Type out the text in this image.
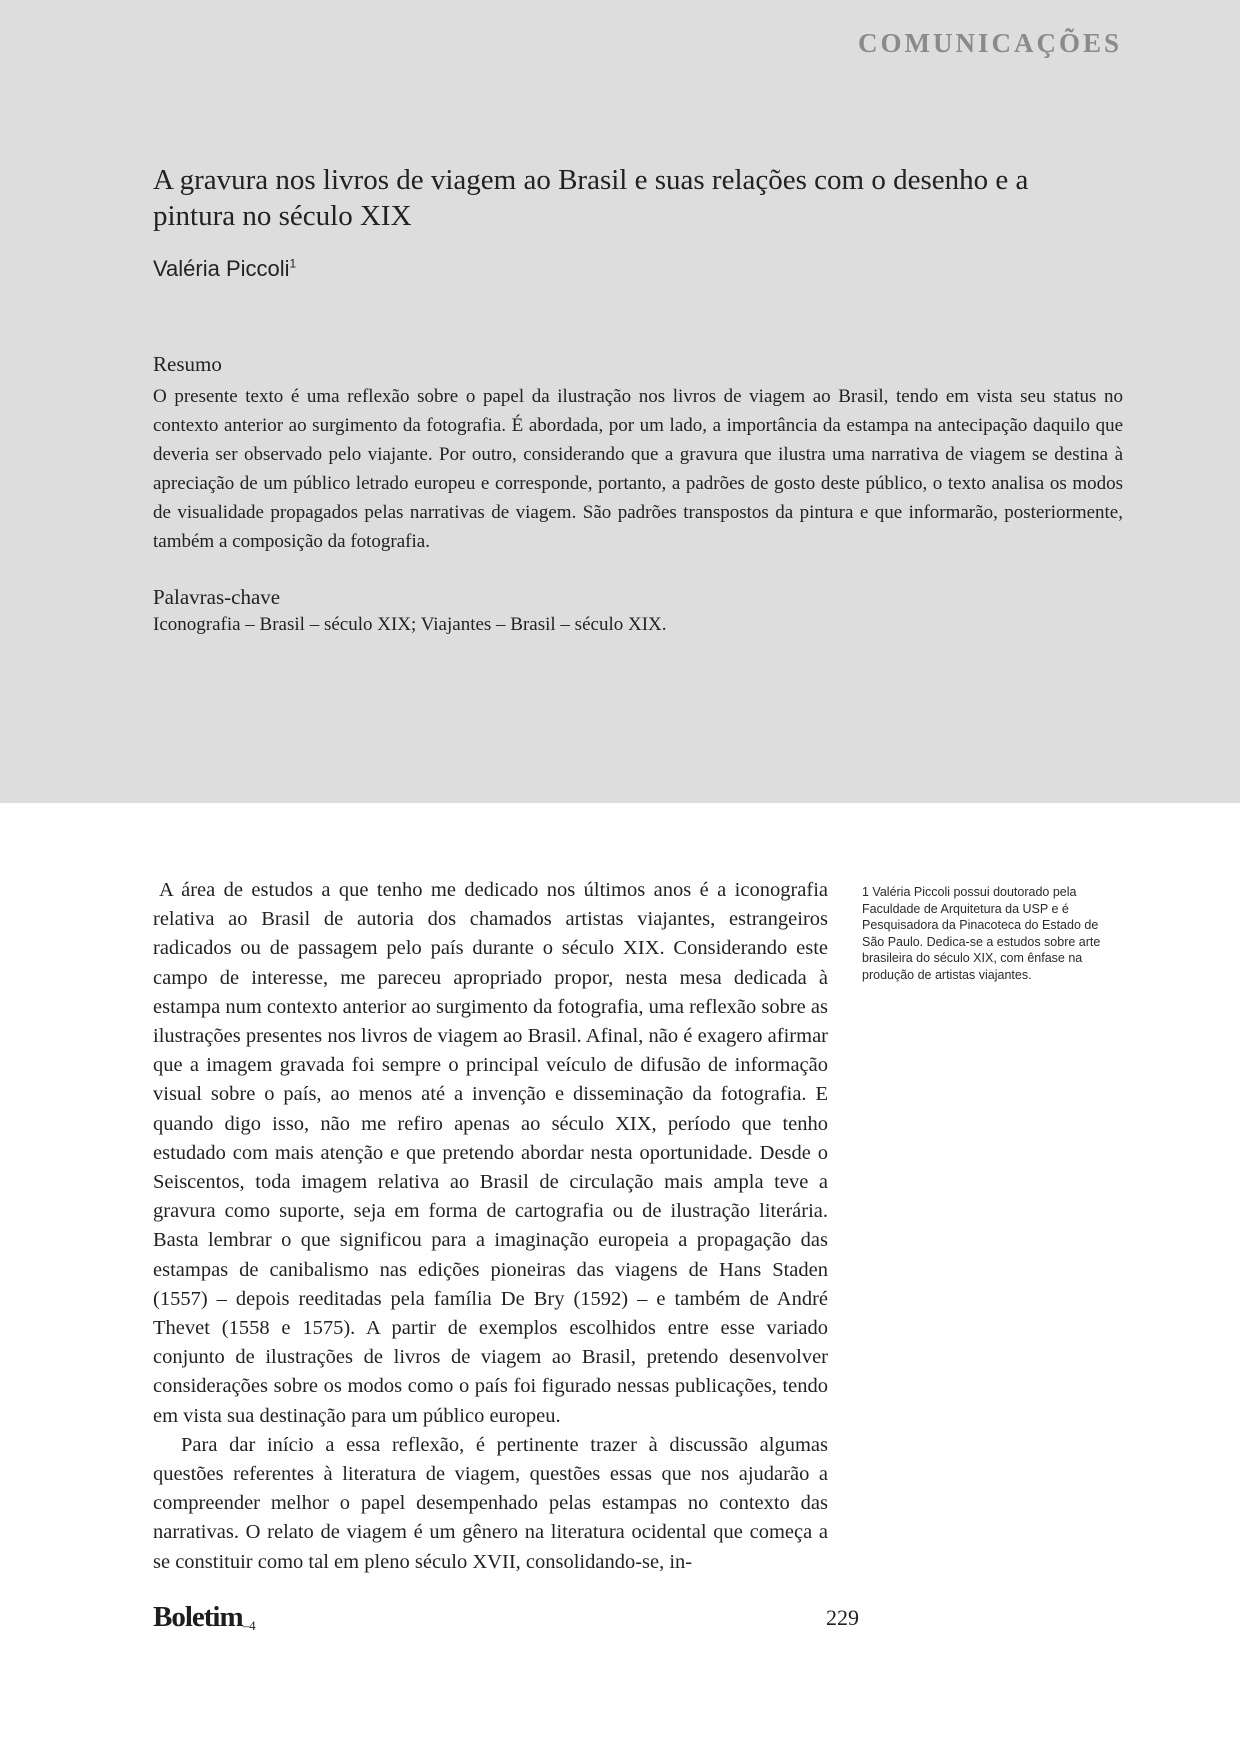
COMUNICAÇÕES
A gravura nos livros de viagem ao Brasil e suas relações com o desenho e a pintura no século XIX
Valéria Piccoli$^1$
Resumo

O presente texto é uma reflexão sobre o papel da ilustração nos livros de viagem ao Brasil, tendo em vista seu status no contexto anterior ao surgimento da fotografia. É abordada, por um lado, a importância da estampa na antecipação daquilo que deveria ser observado pelo viajante. Por outro, considerando que a gravura que ilustra uma narrativa de viagem se destina à apreciação de um público letrado europeu e corresponde, portanto, a padrões de gosto deste público, o texto analisa os modos de visualidade propagados pelas narrativas de viagem. São padrões transpostos da pintura e que informarão, posteriormente, também a composição da fotografia.

Palavras-chave
Iconografia – Brasil – século XIX; Viajantes – Brasil – século XIX.

A área de estudos a que tenho me dedicado nos últimos anos é a iconografia relativa ao Brasil de autoria dos chamados artistas viajantes, estrangeiros radicados ou de passagem pelo país durante o século XIX. Considerando este campo de interesse, me pareceu apropriado propor, nesta mesa dedicada à estampa num contexto anterior ao surgimento da fotografia, uma reflexão sobre as ilustrações presentes nos livros de viagem ao Brasil. Afinal, não é exagero afirmar que a imagem gravada foi sempre o principal veículo de difusão de informação visual sobre o país, ao menos até a invenção e disseminação da fotografia. E quando digo isso, não me refiro apenas ao século XIX, período que tenho estudado com mais atenção e que pretendo abordar nesta oportunidade. Desde o Seiscentos, toda imagem relativa ao Brasil de circulação mais ampla teve a gravura como suporte, seja em forma de cartografia ou de ilustração literária. Basta lembrar o que significou para a imaginação europeia a propagação das estampas de canibalismo nas edições pioneiras das viagens de Hans Staden (1557) – depois reeditadas pela família De Bry (1592) – e também de André Thevet (1558 e 1575). A partir de exemplos escolhidos entre esse variado conjunto de ilustrações de livros de viagem ao Brasil, pretendo desenvolver considerações sobre os modos como o país foi figurado nessas publicações, tendo em vista sua destinação para um público europeu.

Para dar início a essa reflexão, é pertinente trazer à discussão algumas questões referentes à literatura de viagem, questões essas que nos ajudarão a compreender melhor o papel desempenhado pelas estampas no contexto das narrativas. O relato de viagem é um gênero na literatura ocidental que começa a se constituir como tal em pleno século XVII, consolidando-se, in-

1 Valéria Piccoli possui doutorado pela Faculdade de Arquitetura da USP e é Pesquisadora da Pinacoteca do Estado de São Paulo. Dedica-se a estudos sobre arte brasileira do século XIX, com ênfase na produção de artistas viajantes.
Boletim$_{-4}$	229
